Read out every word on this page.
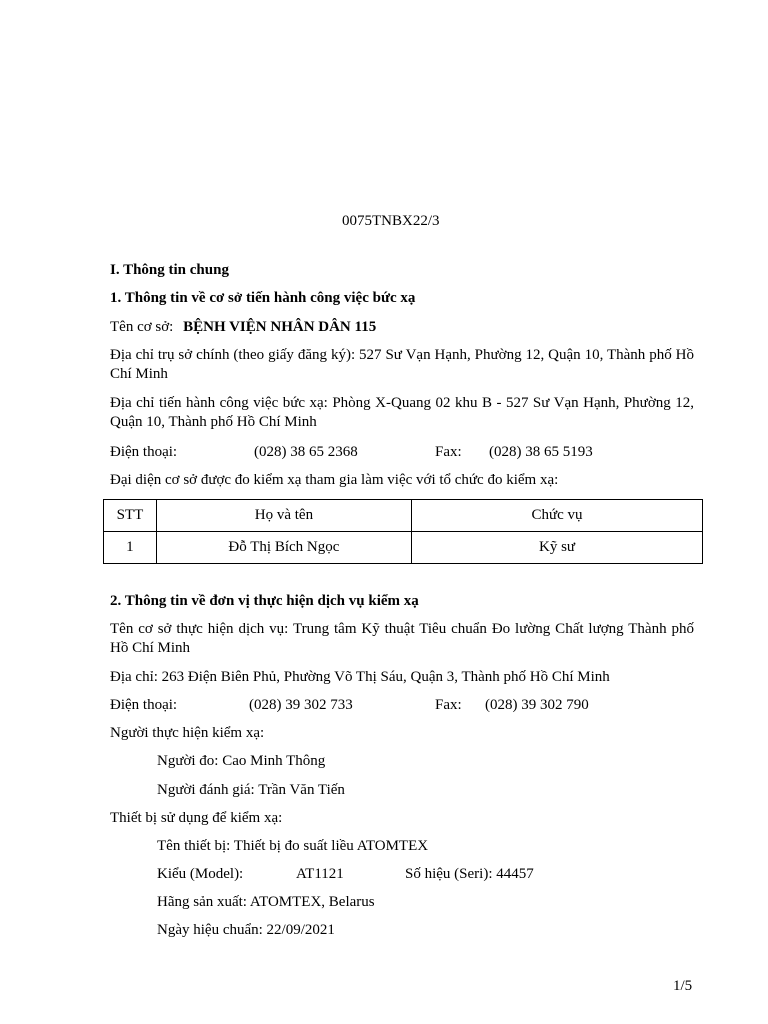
0075TNBX22/3
I. Thông tin chung
1. Thông tin về cơ sở tiến hành công việc bức xạ
Tên cơ sở: BỆNH VIỆN NHÂN DÂN 115
Địa chỉ trụ sở chính (theo giấy đăng ký): 527 Sư Vạn Hạnh, Phường 12, Quận 10, Thành phố Hồ Chí Minh
Địa chỉ tiến hành công việc bức xạ: Phòng X-Quang 02 khu B - 527 Sư Vạn Hạnh, Phường 12, Quận 10, Thành phố Hồ Chí Minh
Điện thoại:	(028) 38 65 2368	Fax: (028) 38 65 5193
Đại diện cơ sở được đo kiểm xạ tham gia làm việc với tổ chức đo kiểm xạ:
STT	Họ và tên	Chức vụ
1	Đỗ Thị Bích Ngọc	Kỹ sư
2. Thông tin về đơn vị thực hiện dịch vụ kiểm xạ
Tên cơ sở thực hiện dịch vụ: Trung tâm Kỹ thuật Tiêu chuẩn Đo lường Chất lượng Thành phố Hồ Chí Minh
Địa chỉ: 263 Điện Biên Phủ, Phường Võ Thị Sáu, Quận 3, Thành phố Hồ Chí Minh
Điện thoại:	(028) 39 302 733	Fax: (028) 39 302 790
Người thực hiện kiểm xạ:
Người đo: Cao Minh Thông
Người đánh giá: Trần Văn Tiến
Thiết bị sử dụng để kiểm xạ:
Tên thiết bị: Thiết bị đo suất liều ATOMTEX
Kiểu (Model):	AT1121	Số hiệu (Seri): 44457
Hãng sản xuất: ATOMTEX, Belarus
Ngày hiệu chuẩn: 22/09/2021
1/5
